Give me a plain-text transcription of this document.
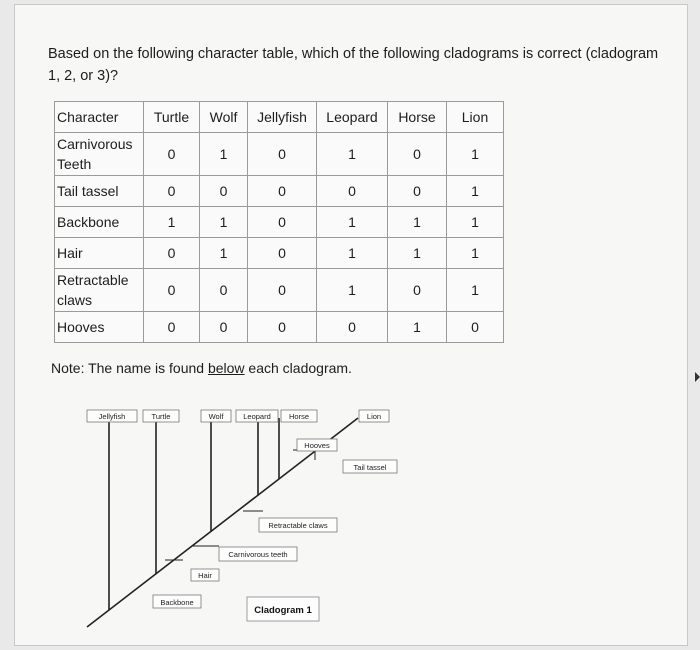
Based on the following character table, which of the following cladograms is correct (cladogram 1, 2, or 3)?
Character	Turtle	Wolf	Jellyfish	Leopard	Horse	Lion
Carnivorous Teeth	0	1	0	1	0	1
Tail tassel	0	0	0	0	0	1
Backbone	1	1	0	1	1	1
Hair	0	1	0	1	1	1
Retractable claws	0	0	0	1	0	1
Hooves	0	0	0	0	1	0
Note: The name is found below each cladogram.
Jellyfish	Turtle	Wolf	Leopard Horse	Lion
Hooves
Tail tassel
Retractable claws
Carnivorous teeth
Hair
Backbone
Cladogram 1
